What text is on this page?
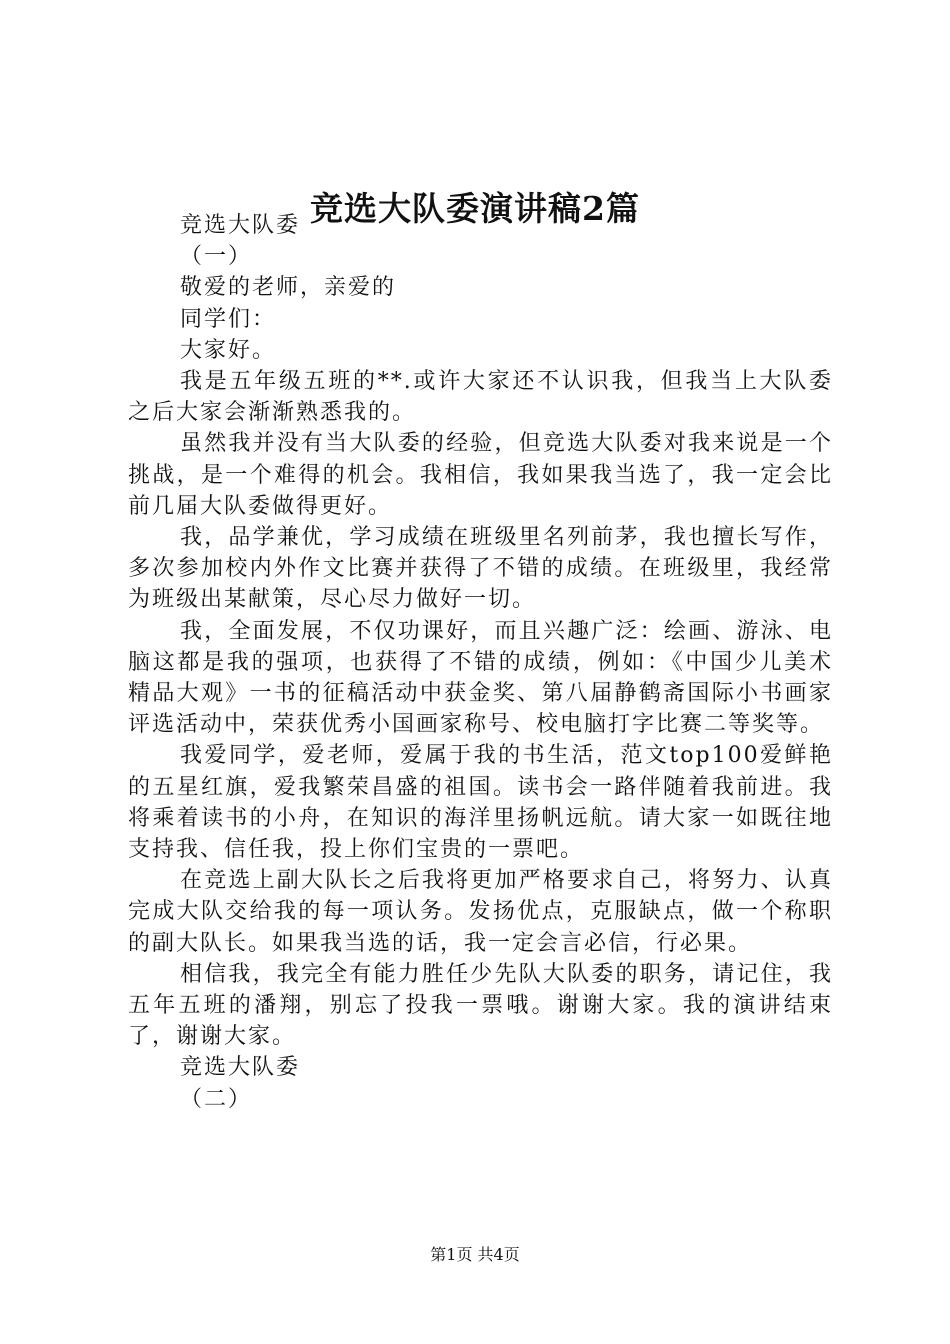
竞选大队委演讲稿2篇

竞选大队委

（一）

敬爱的老师，亲爱的

同学们：

大家好。

我是五年级五班的**.或许大家还不认识我，但我当上大队委之后大家会渐渐熟悉我的。

虽然我并没有当大队委的经验，但竞选大队委对我来说是一个挑战，是一个难得的机会。我相信，我如果我当选了，我一定会比前几届大队委做得更好。

我，品学兼优，学习成绩在班级里名列前茅，我也擅长写作，多次参加校内外作文比赛并获得了不错的成绩。在班级里，我经常为班级出某献策，尽心尽力做好一切。

我，全面发展，不仅功课好，而且兴趣广泛：绘画、游泳、电脑这都是我的强项，也获得了不错的成绩，例如：《中国少儿美术精品大观》一书的征稿活动中获金奖、第八届静鹤斋国际小书画家评选活动中，荣获优秀小国画家称号、校电脑打字比赛二等奖等。

我爱同学，爱老师，爱属于我的书生活，范文top100爱鲜艳的五星红旗，爱我繁荣昌盛的祖国。读书会一路伴随着我前进。我将乘着读书的小舟，在知识的海洋里扬帆远航。请大家一如既往地支持我、信任我，投上你们宝贵的一票吧。

在竞选上副大队长之后我将更加严格要求自己，将努力、认真完成大队交给我的每一项认务。发扬优点，克服缺点，做一个称职的副大队长。如果我当选的话，我一定会言必信，行必果。

相信我，我完全有能力胜任少先队大队委的职务，请记住，我五年五班的潘翔，别忘了投我一票哦。谢谢大家。我的演讲结束了，谢谢大家。

竞选大队委

（二）

第1页 共4页
